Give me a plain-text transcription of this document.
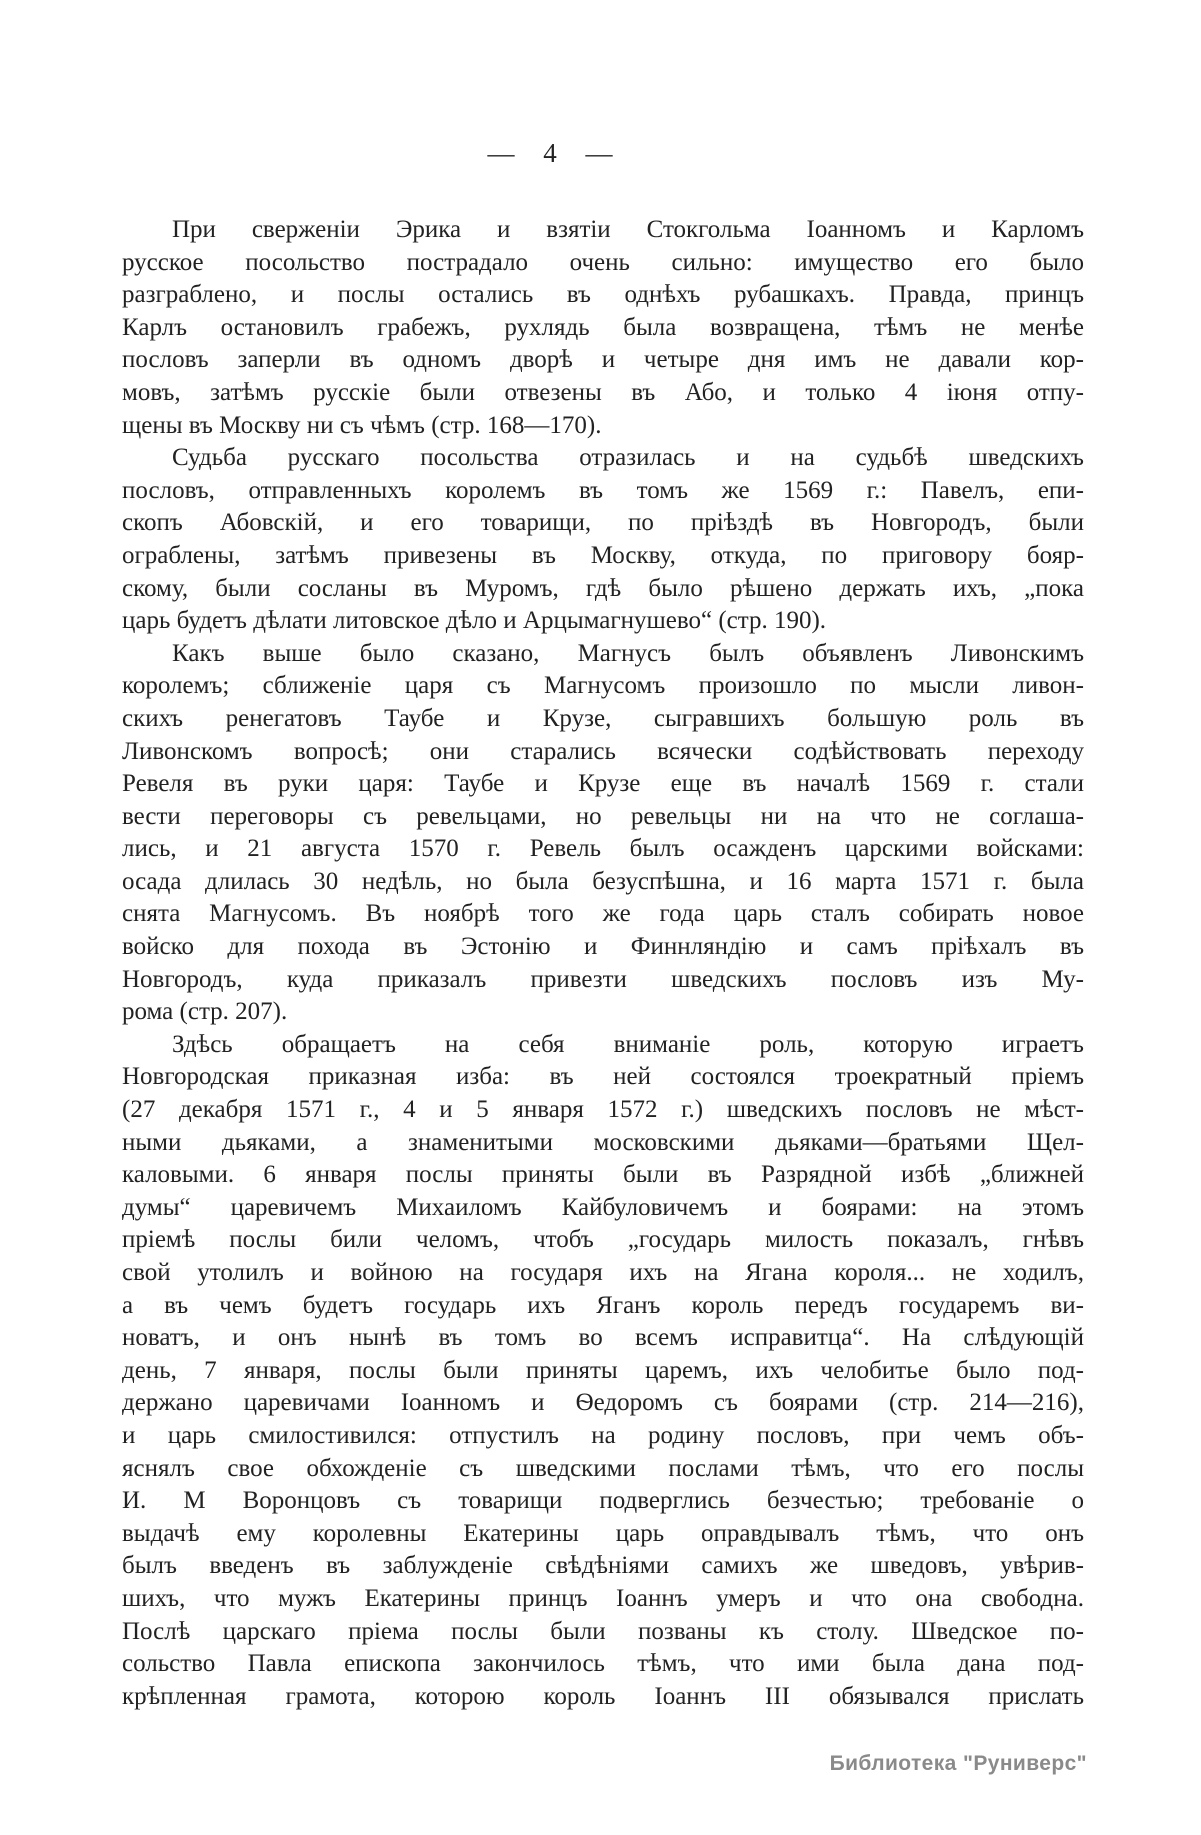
— 4 —
При сверженіи Эрика и взятіи Стокгольма Іоанномъ и Карломъ
русское посольство пострадало очень сильно: имущество его было
разграблено, и послы остались въ однѣхъ рубашкахъ. Правда, принцъ
Карлъ остановилъ грабежъ, рухлядь была возвращена, тѣмъ не менѣе
пословъ заперли въ одномъ дворѣ и четыре дня имъ не давали кор-
мовъ, затѣмъ русскіе были отвезены въ Або, и только 4 іюня отпу-
щены въ Москву ни съ чѣмъ (стр. 168—170).
Судьба русскаго посольства отразилась и на судьбѣ шведскихъ
пословъ, отправленныхъ королемъ въ томъ же 1569 г.: Павелъ, епи-
скопъ Абовскій, и его товарищи, по пріѣздѣ въ Новгородъ, были
ограблены, затѣмъ привезены въ Москву, откуда, по приговору бояр-
скому, были сосланы въ Муромъ, гдѣ было рѣшено держать ихъ, „пока
царь будетъ дѣлати литовское дѣло и Арцымагнушево“ (стр. 190).
Какъ выше было сказано, Магнусъ былъ объявленъ Ливонскимъ
королемъ; сближеніе царя съ Магнусомъ произошло по мысли ливон-
скихъ ренегатовъ Таубе и Крузе, сыгравшихъ большую роль въ
Ливонскомъ вопросѣ; они старались всячески содѣйствовать переходу
Ревеля въ руки царя: Таубе и Крузе еще въ началѣ 1569 г. стали
вести переговоры съ ревельцами, но ревельцы ни на что не соглаша-
лись, и 21 августа 1570 г. Ревель былъ осажденъ царскими войсками:
осада длилась 30 недѣль, но была безуспѣшна, и 16 марта 1571 г. была
снята Магнусомъ. Въ ноябрѣ того же года царь сталъ собирать новое
войско для похода въ Эстонію и Финнляндію и самъ пріѣхалъ въ
Новгородъ, куда приказалъ привезти шведскихъ пословъ изъ Му-
рома (стр. 207).
Здѣсь обращаетъ на себя вниманіе роль, которую играетъ
Новгородская приказная изба: въ ней состоялся троекратный пріемъ
(27 декабря 1571 г., 4 и 5 января 1572 г.) шведскихъ пословъ не мѣст-
ными дьяками, а знаменитыми московскими дьяками—братьями Щел-
каловыми. 6 января послы приняты были въ Разрядной избѣ „ближней
думы“ царевичемъ Михаиломъ Кайбуловичемъ и боярами: на этомъ
пріемѣ послы били челомъ, чтобъ „государь милость показалъ, гнѣвъ
свой утолилъ и войною на государя ихъ на Ягана короля... не ходилъ,
а въ чемъ будетъ государь ихъ Яганъ король передъ государемъ ви-
новатъ, и онъ нынѣ въ томъ во всемъ исправитца“. На слѣдующій
день, 7 января, послы были приняты царемъ, ихъ челобитье было под-
держано царевичами Іоанномъ и Ѳедоромъ съ боярами (стр. 214—216),
и царь смилостивился: отпустилъ на родину пословъ, при чемъ объ-
яснялъ свое обхожденіе съ шведскими послами тѣмъ, что его послы
И. М Воронцовъ съ товарищи подверглись безчестью; требованіе о
выдачѣ ему королевны Екатерины царь оправдывалъ тѣмъ, что онъ
былъ введенъ въ заблужденіе свѣдѣніями самихъ же шведовъ, увѣрив-
шихъ, что мужъ Екатерины принцъ Іоаннъ умеръ и что она свободна.
Послѣ царскаго пріема послы были позваны къ столу. Шведское по-
сольство Павла епископа закончилось тѣмъ, что ими была дана под-
крѣпленная грамота, которою король Іоаннъ III обязывался прислать
Библиотека "Руниверс"
